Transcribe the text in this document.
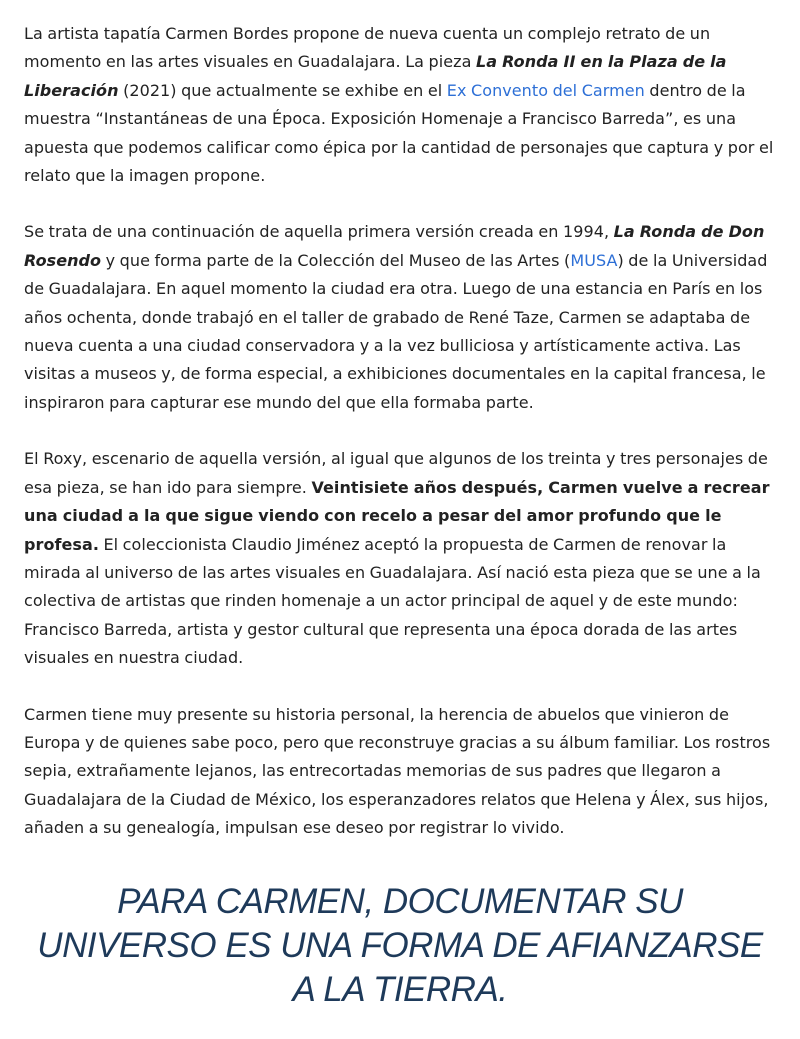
La artista tapatía Carmen Bordes propone de nueva cuenta un complejo retrato de un momento en las artes visuales en Guadalajara. La pieza La Ronda II en la Plaza de la Liberación (2021) que actualmente se exhibe en el Ex Convento del Carmen dentro de la muestra “Instantáneas de una Época. Exposición Homenaje a Francisco Barreda”, es una apuesta que podemos calificar como épica por la cantidad de personajes que captura y por el relato que la imagen propone.

Se trata de una continuación de aquella primera versión creada en 1994, La Ronda de Don Rosendo y que forma parte de la Colección del Museo de las Artes (MUSA) de la Universidad de Guadalajara. En aquel momento la ciudad era otra. Luego de una estancia en París en los años ochenta, donde trabajó en el taller de grabado de René Taze, Carmen se adaptaba de nueva cuenta a una ciudad conservadora y a la vez bulliciosa y artísticamente activa. Las visitas a museos y, de forma especial, a exhibiciones documentales en la capital francesa, le inspiraron para capturar ese mundo del que ella formaba parte.

El Roxy, escenario de aquella versión, al igual que algunos de los treinta y tres personajes de esa pieza, se han ido para siempre. Veintisiete años después, Carmen vuelve a recrear una ciudad a la que sigue viendo con recelo a pesar del amor profundo que le profesa. El coleccionista Claudio Jiménez aceptó la propuesta de Carmen de renovar la mirada al universo de las artes visuales en Guadalajara. Así nació esta pieza que se une a la colectiva de artistas que rinden homenaje a un actor principal de aquel y de este mundo: Francisco Barreda, artista y gestor cultural que representa una época dorada de las artes visuales en nuestra ciudad.

Carmen tiene muy presente su historia personal, la herencia de abuelos que vinieron de Europa y de quienes sabe poco, pero que reconstruye gracias a su álbum familiar. Los rostros sepia, extrañamente lejanos, las entrecortadas memorias de sus padres que llegaron a Guadalajara de la Ciudad de México, los esperanzadores relatos que Helena y Álex, sus hijos, añaden a su genealogía, impulsan ese deseo por registrar lo vivido.

PARA CARMEN, DOCUMENTAR SU
UNIVERSO ES UNA FORMA DE AFIANZARSE
A LA TIERRA.
